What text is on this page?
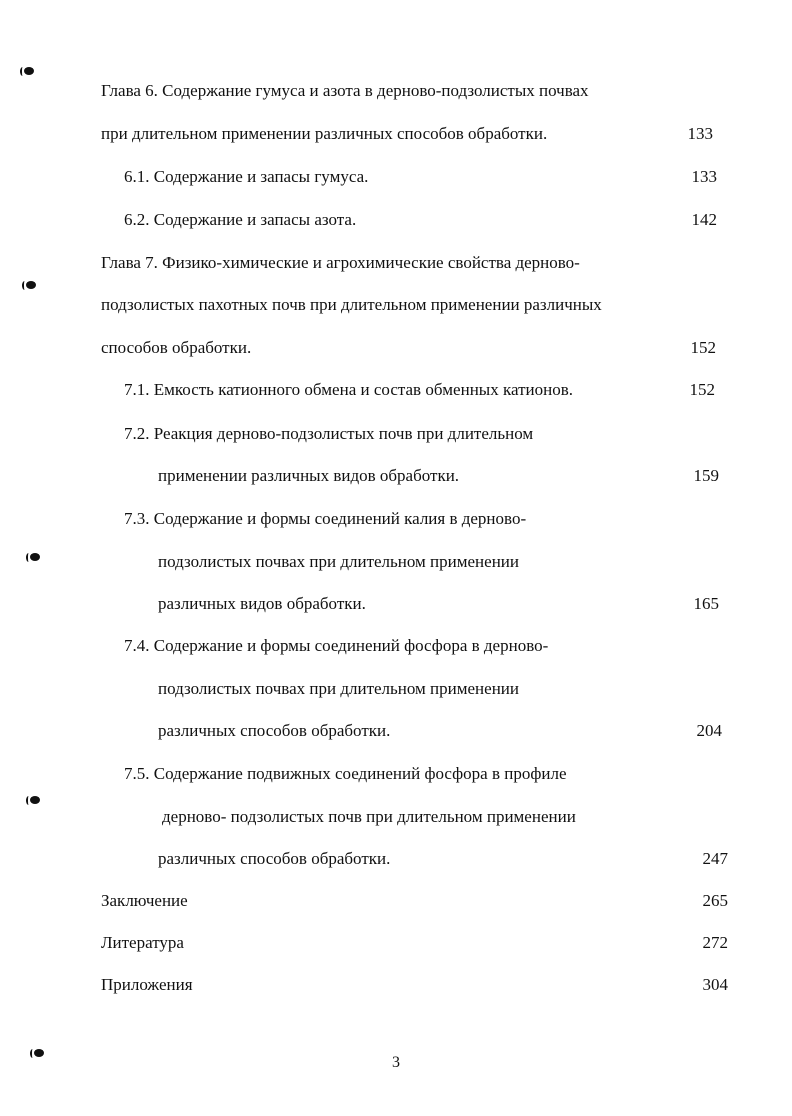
Глава 6. Содержание гумуса и азота в дерново-подзолистых почвах
при длительном применении различных способов обработки.	133
6.1. Содержание и запасы гумуса.	133
6.2. Содержание и запасы азота.	142
Глава 7. Физико-химические и агрохимические свойства дерново-
подзолистых пахотных почв при длительном применении различных
способов обработки.	152
7.1. Емкость катионного обмена и состав обменных катионов.	152
7.2. Реакция дерново-подзолистых почв при длительном
применении различных видов обработки.	159
7.3. Содержание и формы соединений калия в дерново-
подзолистых почвах при длительном применении
различных видов обработки.	165
7.4. Содержание и формы соединений фосфора в дерново-
подзолистых почвах при длительном применении
различных способов обработки.	204
7.5. Содержание подвижных соединений фосфора в профиле
дерново- подзолистых почв при длительном применении
различных способов обработки.	247
Заключение	265
Литература	272
Приложения	304
3
